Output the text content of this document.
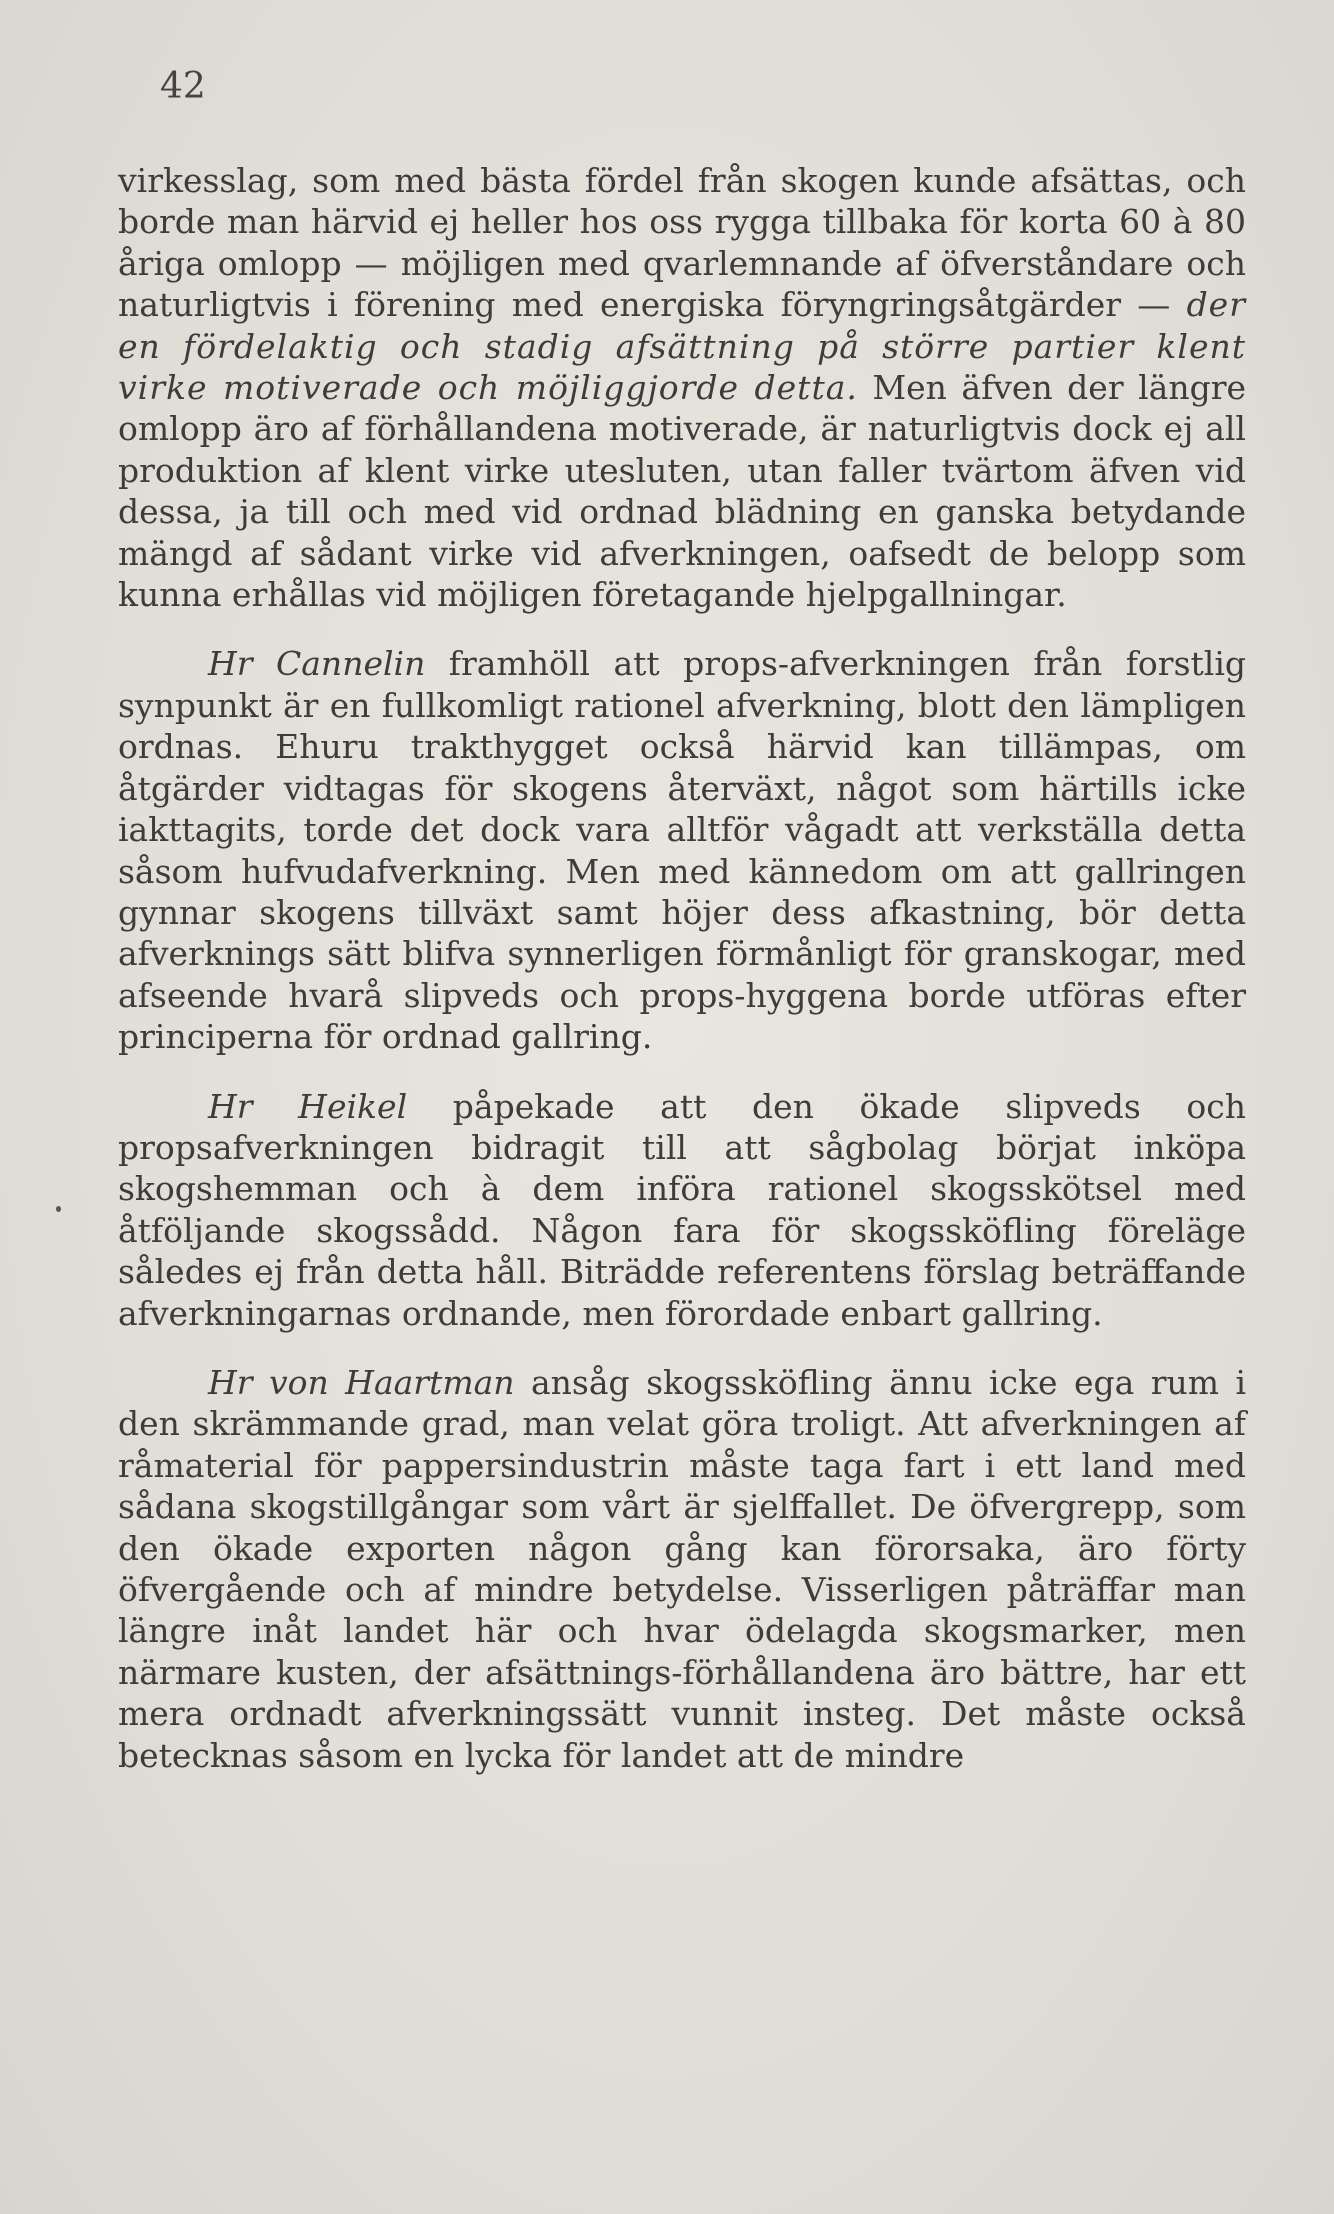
42

virkesslag, som med bästa fördel från skogen kunde afsättas, och borde man härvid ej heller hos oss rygga tillbaka för korta 60 à 80 åriga omlopp — möjligen med qvarlemnande af öfverståndare och naturligtvis i förening med energiska föryngringsåtgärder — der en fördelaktig och stadig afsättning på större partier klent virke motiverade och möjliggjorde detta. Men äfven der längre omlopp äro af förhållandena motiverade, är naturligtvis dock ej all produktion af klent virke utesluten, utan faller tvärtom äfven vid dessa, ja till och med vid ordnad blädning en ganska betydande mängd af sådant virke vid afverkningen, oafsedt de belopp som kunna erhållas vid möjligen företagande hjelpgallningar.

Hr Cannelin framhöll att props-afverkningen från forstlig synpunkt är en fullkomligt rationel afverkning, blott den lämpligen ordnas. Ehuru trakthygget också härvid kan tillämpas, om åtgärder vidtagas för skogens återväxt, något som härtills icke iakttagits, torde det dock vara alltför vågadt att verkställa detta såsom hufvudafverkning. Men med kännedom om att gallringen gynnar skogens tillväxt samt höjer dess afkastning, bör detta afverknings sätt blifva synnerligen förmånligt för granskogar, med afseende hvarå slipveds och props-hyggena borde utföras efter principerna för ordnad gallring.

Hr Heikel påpekade att den ökade slipveds och propsafverkningen bidragit till att sågbolag börjat inköpa skogshemman och à dem införa rationel skogsskötsel med åtföljande skogssådd. Någon fara för skogssköfling föreläge således ej från detta håll. Biträdde referentens förslag beträffande afverkningarnas ordnande, men förordade enbart gallring.

Hr von Haartman ansåg skogssköfling ännu icke ega rum i den skrämmande grad, man velat göra troligt. Att afverkningen af råmaterial för pappersindustrin måste taga fart i ett land med sådana skogstillgångar som vårt är sjelffallet. De öfvergrepp, som den ökade exporten någon gång kan förorsaka, äro förty öfvergående och af mindre betydelse. Visserligen påträffar man längre inåt landet här och hvar ödelagda skogsmarker, men närmare kusten, der afsättnings-förhållandena äro bättre, har ett mera ordnadt afverkningssätt vunnit insteg. Det måste också betecknas såsom en lycka för landet att de mindre
